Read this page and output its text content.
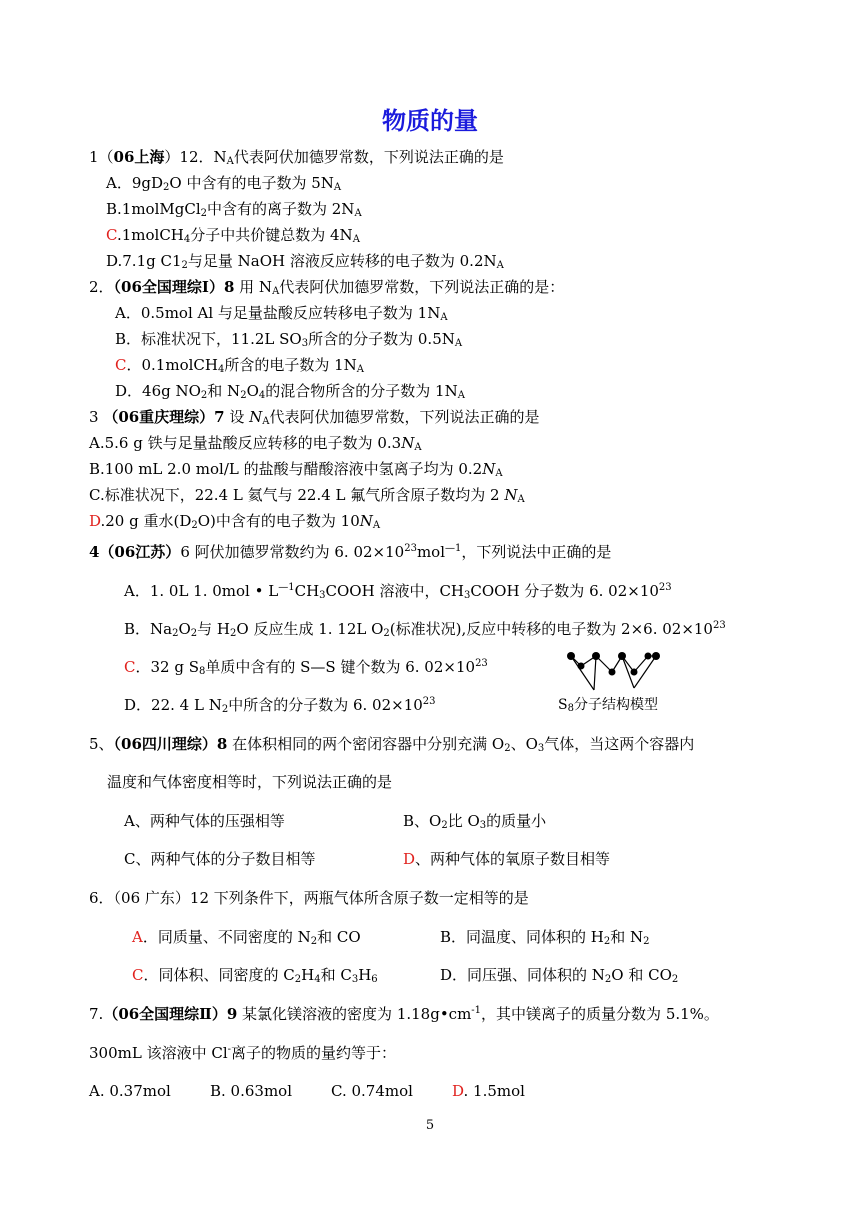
物质的量
1（06上海）12．$N_A$代表阿伏加德罗常数，下列说法正确的是
A．$9gD_2O$ 中含有的电子数为 $5N_A$
B.1molMgCl$_2$中含有的离子数为 $2N_A$
C.1molCH$_4$分子中共价键总数为 $4N_A$
D.7.1g $C1_2$与足量 NaOH 溶液反应转移的电子数为 $0.2N_A$
2．（06全国理综Ⅰ）8 用 $N_A$代表阿伏加德罗常数，下列说法正确的是：
A．0.5mol Al 与足量盐酸反应转移电子数为 $1N_A$
B．标准状况下，11.2L $SO_3$所含的分子数为 $0.5N_A$
C．0.1molCH$_4$所含的电子数为 $1N_A$
D．46g $NO_2$和 $N_2O_4$的混合物所含的分子数为 $1N_A$
3 （06重庆理综）7 设 $N_A$代表阿伏加德罗常数，下列说法正确的是
A.5.6 g 铁与足量盐酸反应转移的电子数为 $0.3N_A$
B.100 mL 2.0 mol/L 的盐酸与醋酸溶液中氢离子均为 $0.2N_A$
C.标准状况下，22.4 L 氦气与 22.4 L 氟气所含原子数均为 2 $N_A$
D.20 g 重水$(D_2O)$中含有的电子数为 $10N_A$
4（06江苏）6 阿伏加德罗常数约为 6. $02\times 10^{23}mol^{—1}$，下列说法中正确的是
A．1. 0L 1. 0mol • $L^{—1}CH_3COOH$ 溶液中，$CH_3COOH$ 分子数为 6. $02\times 10^{23}$
B．$Na_2O_2$与 $H_2O$ 反应生成 1. 12L $O_2$(标准状况),反应中转移的电子数为 2×6. $02\times 10^{23}$
C．32 g $S_8$单质中含有的 S—S 键个数为 6. $02\times 10^{23}$
D．22. 4 L $N_2$中所含的分子数为 6. $02\times 10^{23}$	$S_8$分子结构模型
5、（06四川理综）8 在体积相同的两个密闭容器中分别充满 $O_2$、$O_3$气体，当这两个容器内
温度和气体密度相等时，下列说法正确的是
A、两种气体的压强相等	B、$O_2$比 $O_3$的质量小
C、两种气体的分子数目相等	D、两种气体的氧原子数目相等
6．（06 广东）12 下列条件下，两瓶气体所含原子数一定相等的是
A．同质量、不同密度的 $N_2$和 CO	B．同温度、同体积的 $H_2$和 $N_2$
C．同体积、同密度的 $C_2H_4$和 $C_3H_6$	D．同压强、同体积的 $N_2O$ 和 $CO_2$
7.（06全国理综Ⅱ）9 某氯化镁溶液的密度为 $1.18g•cm^{-1}$，其中镁离子的质量分数为 5.1%。
300mL 该溶液中 Cl-离子的物质的量约等于：
A. 0.37mol	B. 0.63mol	C. 0.74mol	D. 1.5mol
5
